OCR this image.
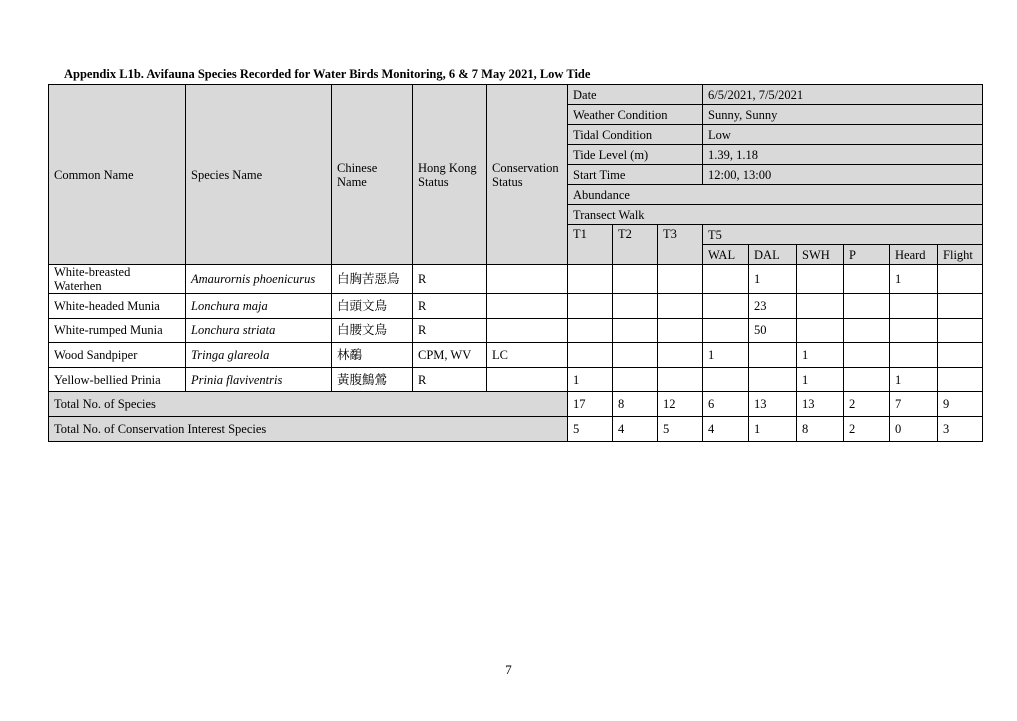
Appendix L1b. Avifauna Species Recorded for Water Birds Monitoring, 6 & 7 May 2021, Low Tide
Common Name	Species Name	Chinese Name	Hong Kong Status	Conservation Status	Date			6/5/2021, 7/5/2021					
					Weather Condition			Sunny, Sunny					
					Tidal Condition			Low					
					Tide Level (m)			1.39, 1.18					
					Start Time			12:00, 13:00					
					Abundance								
					Transect Walk								
					T1	T2	T3	T5					
								WAL	DAL	SWH	P	Heard	Flight
White-breasted Waterhen	Amaurornis phoenicurus	白胸苦惡鳥	R						1			1	
White-headed Munia	Lonchura maja	白頭文鳥	R						23				
White-rumped Munia	Lonchura striata	白腰文鳥	R						50				
Wood Sandpiper	Tringa glareola	林鷸	CPM, WV	LC				1		1			
Yellow-bellied Prinia	Prinia flaviventris	黃腹鷦鶯	R		1					1		1	
Total No. of Species					17	8	12	6	13	13	2	7	9
Total No. of Conservation Interest Species					5	4	5	4	1	8	2	0	3
7
